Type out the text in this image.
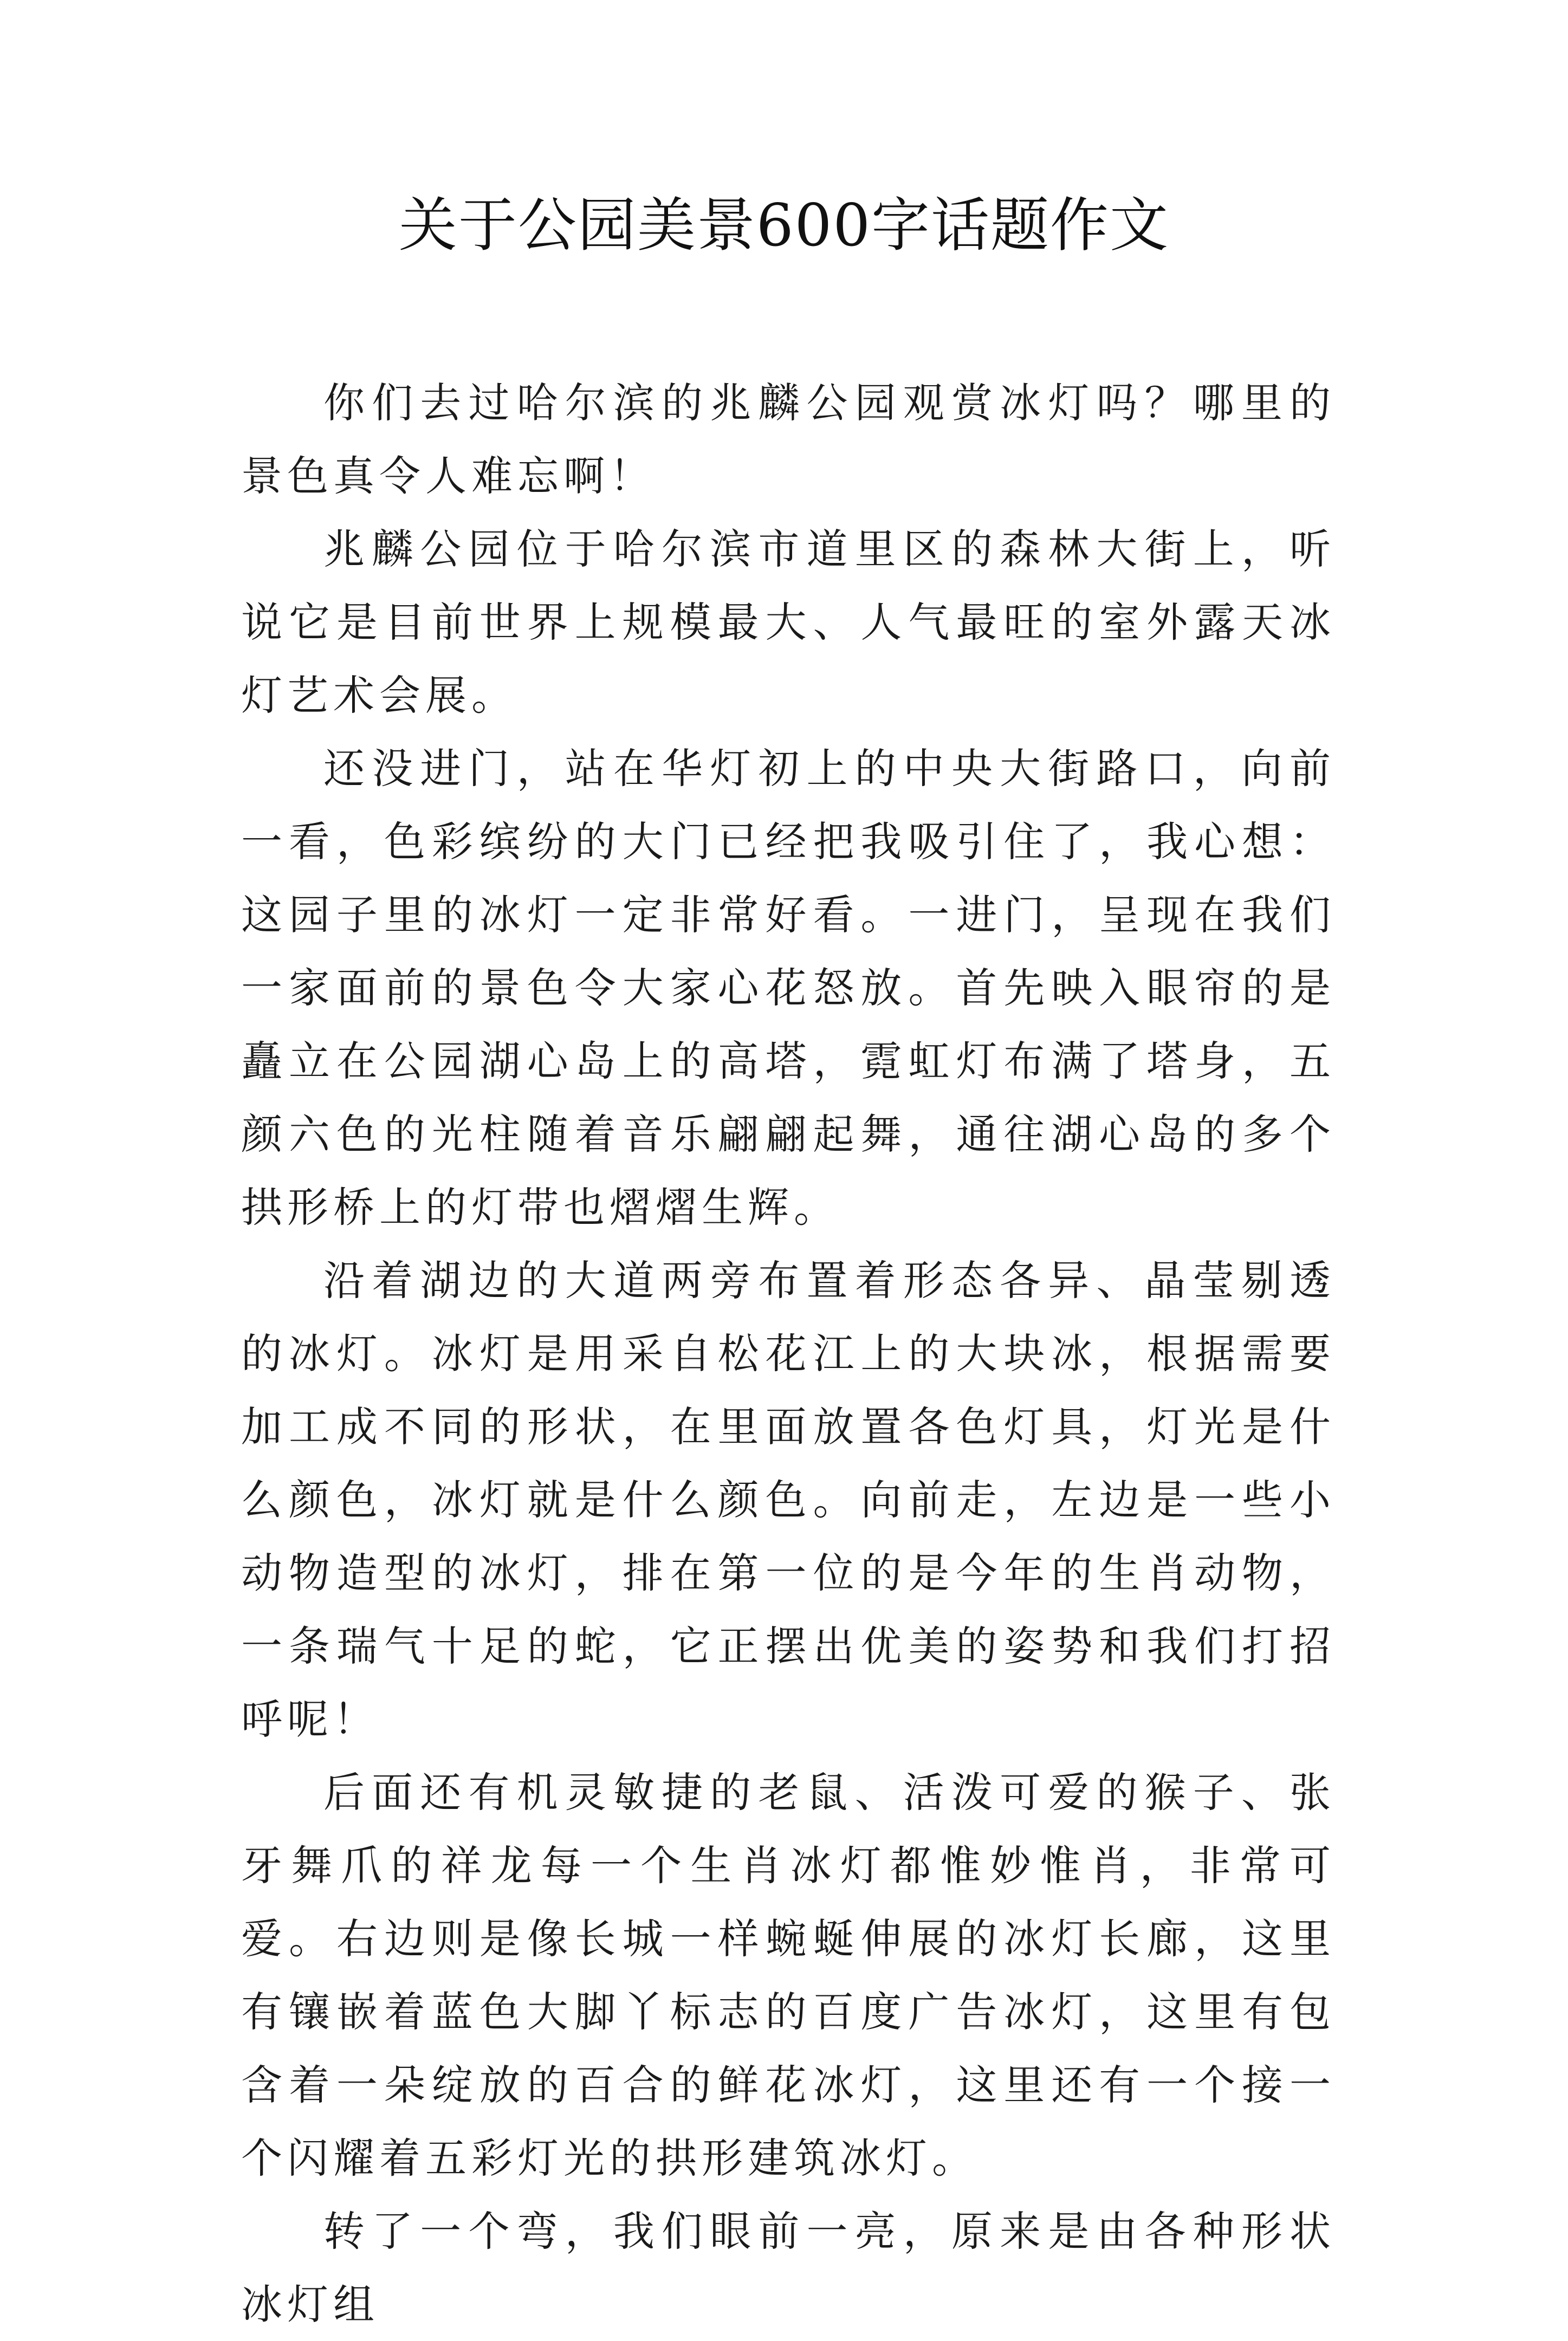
关于公园美景600字话题作文

你们去过哈尔滨的兆麟公园观赏冰灯吗？哪里的景色真令人难忘啊！

兆麟公园位于哈尔滨市道里区的森林大街上，听说它是目前世界上规模最大、人气最旺的室外露天冰灯艺术会展。

还没进门，站在华灯初上的中央大街路口，向前一看，色彩缤纷的大门已经把我吸引住了，我心想：这园子里的冰灯一定非常好看。一进门，呈现在我们一家面前的景色令大家心花怒放。首先映入眼帘的是矗立在公园湖心岛上的高塔，霓虹灯布满了塔身，五颜六色的光柱随着音乐翩翩起舞，通往湖心岛的多个拱形桥上的灯带也熠熠生辉。

沿着湖边的大道两旁布置着形态各异、晶莹剔透的冰灯。冰灯是用采自松花江上的大块冰，根据需要加工成不同的形状，在里面放置各色灯具，灯光是什么颜色，冰灯就是什么颜色。向前走，左边是一些小动物造型的冰灯，排在第一位的是今年的生肖动物，一条瑞气十足的蛇，它正摆出优美的姿势和我们打招呼呢！

后面还有机灵敏捷的老鼠、活泼可爱的猴子、张牙舞爪的祥龙每一个生肖冰灯都惟妙惟肖，非常可爱。右边则是像长城一样蜿蜒伸展的冰灯长廊，这里有镶嵌着蓝色大脚丫标志的百度广告冰灯，这里有包含着一朵绽放的百合的鲜花冰灯，这里还有一个接一个闪耀着五彩灯光的拱形建筑冰灯。

转了一个弯，我们眼前一亮，原来是由各种形状冰灯组
